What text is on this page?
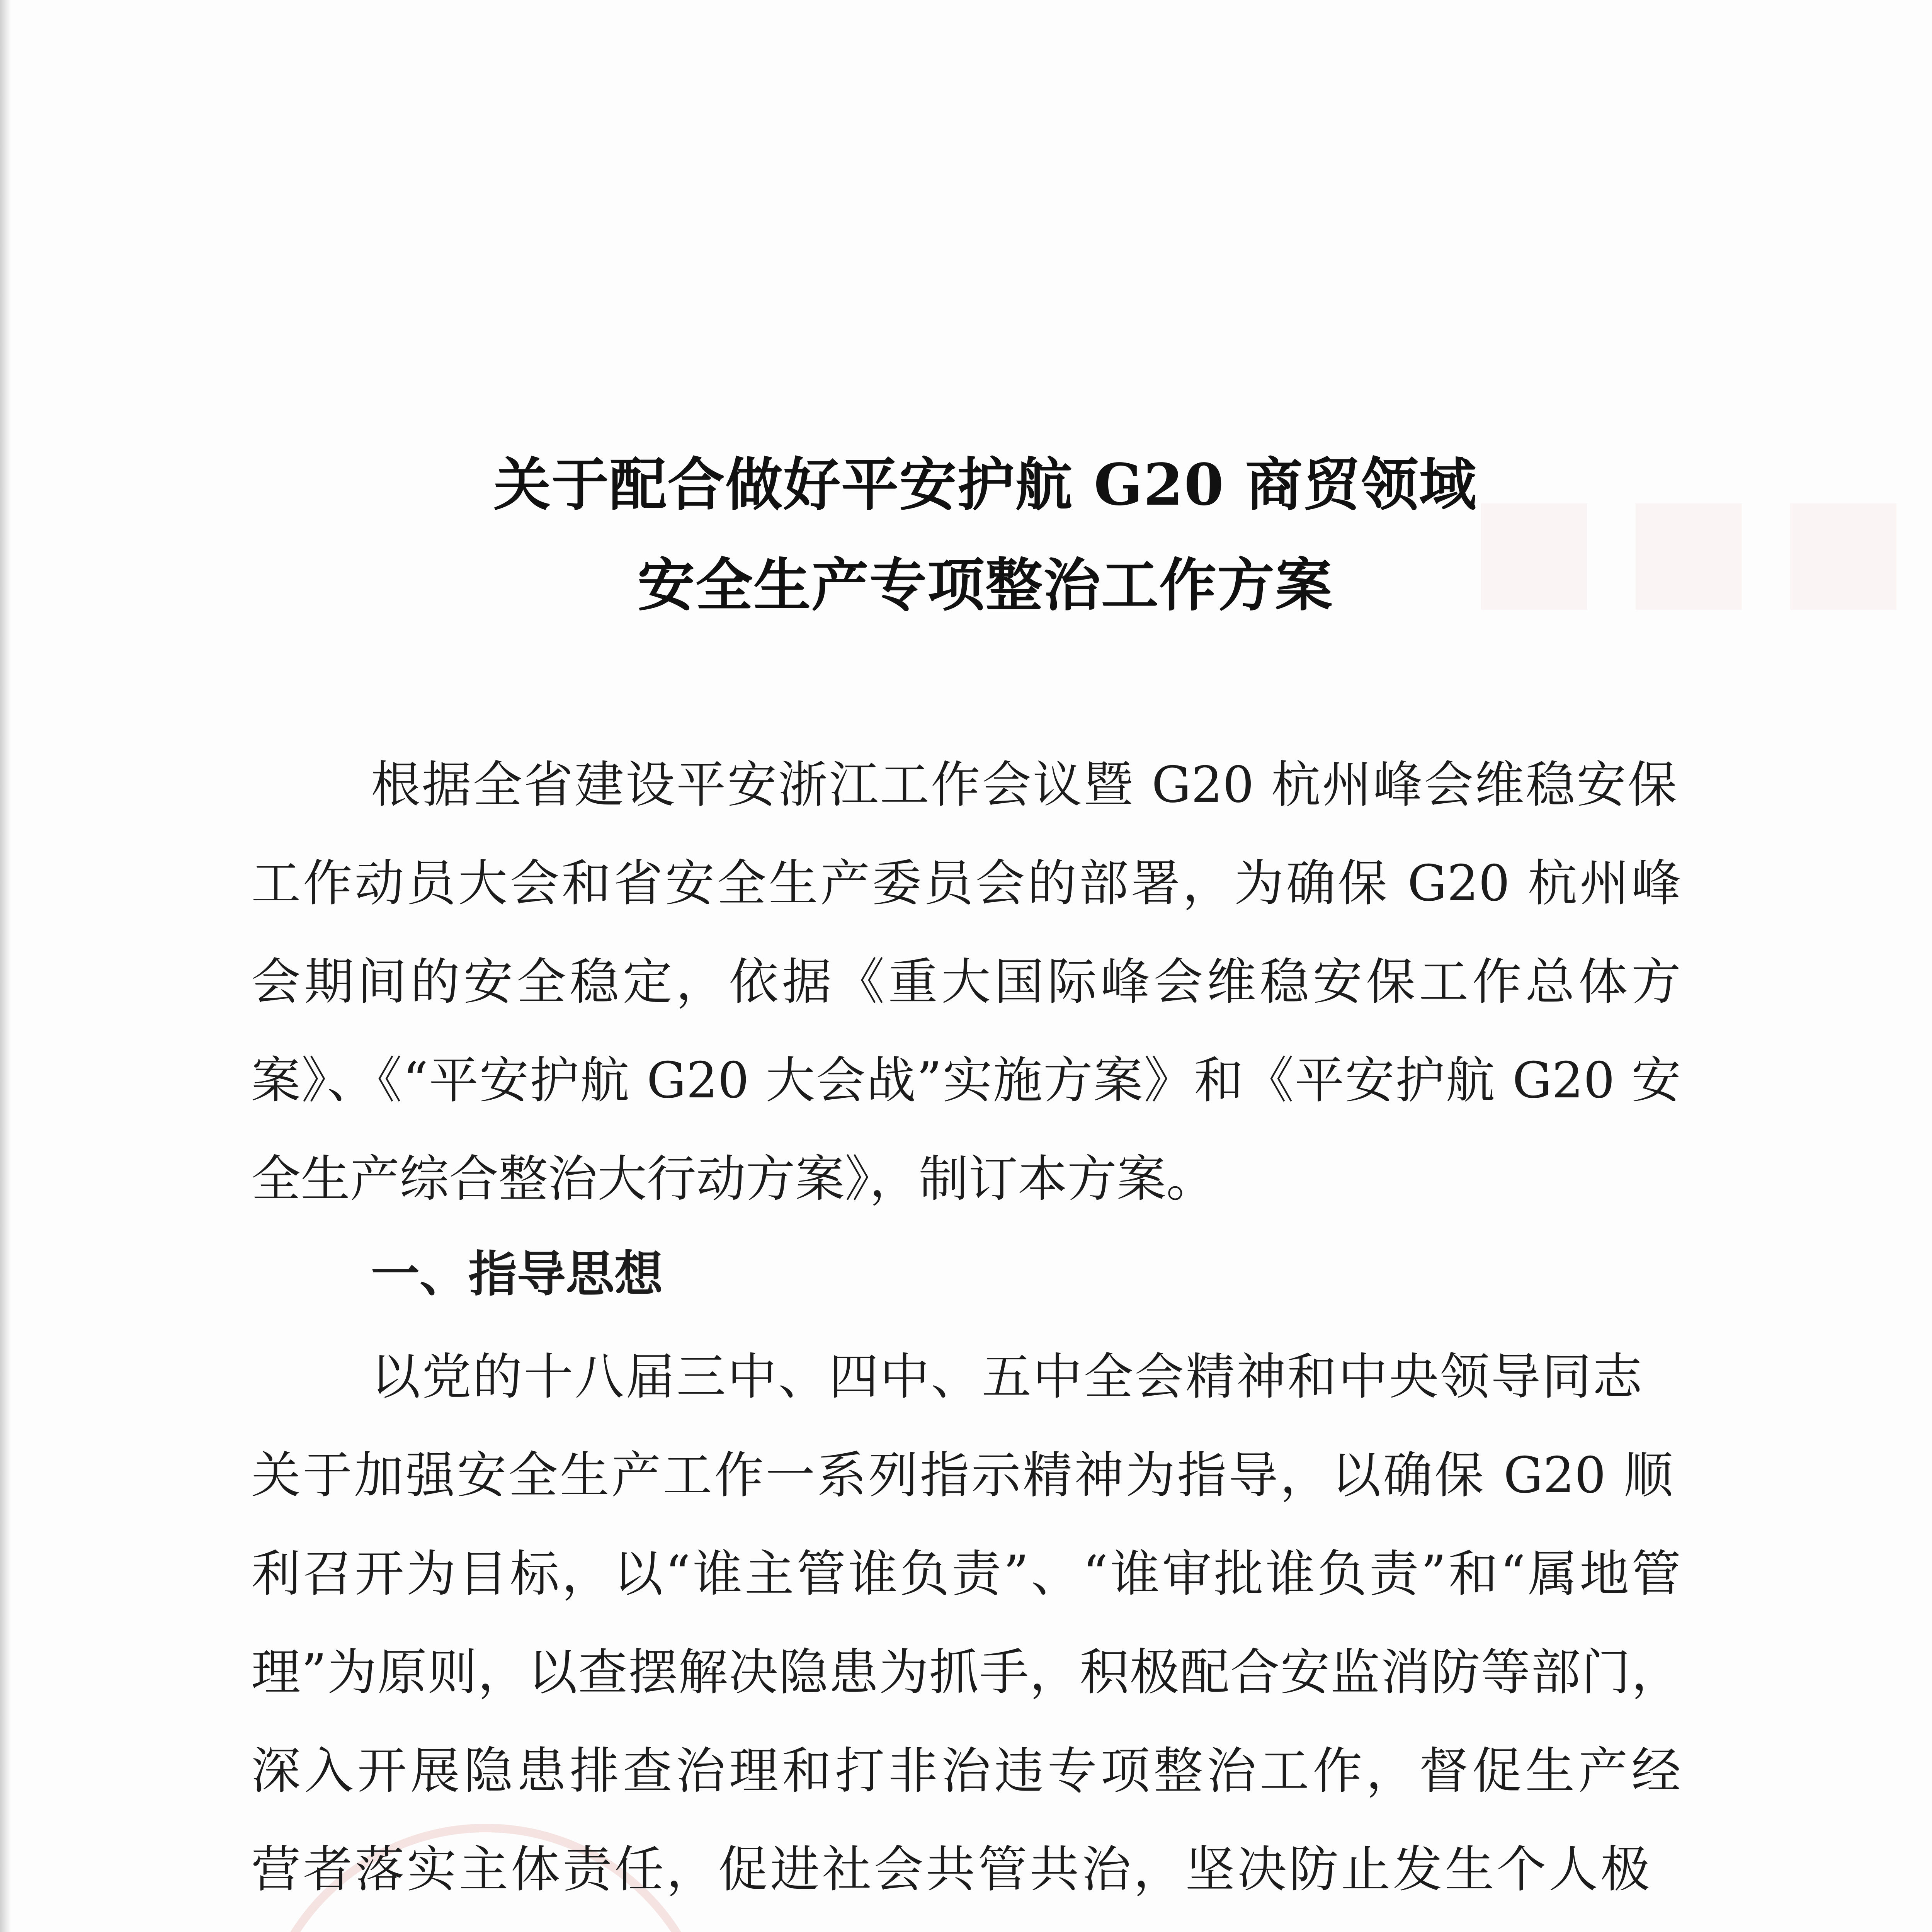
关于配合做好平安护航 G20 商贸领域
安全生产专项整治工作方案
根据全省建设平安浙江工作会议暨 G20 杭州峰会维稳安保
工作动员大会和省安全生产委员会的部署，为确保 G20 杭州峰
会期间的安全稳定，依据《重大国际峰会维稳安保工作总体方
案》、《“平安护航 G20 大会战”实施方案》和《平安护航 G20 安
全生产综合整治大行动方案》，制订本方案。
一、指导思想
以党的十八届三中、四中、五中全会精神和中央领导同志
关于加强安全生产工作一系列指示精神为指导，以确保 G20 顺
利召开为目标，以“谁主管谁负责”、“谁审批谁负责”和“属地管
理”为原则，以查摆解决隐患为抓手，积极配合安监消防等部门，
深入开展隐患排查治理和打非治违专项整治工作，督促生产经
营者落实主体责任，促进社会共管共治，坚决防止发生个人极
